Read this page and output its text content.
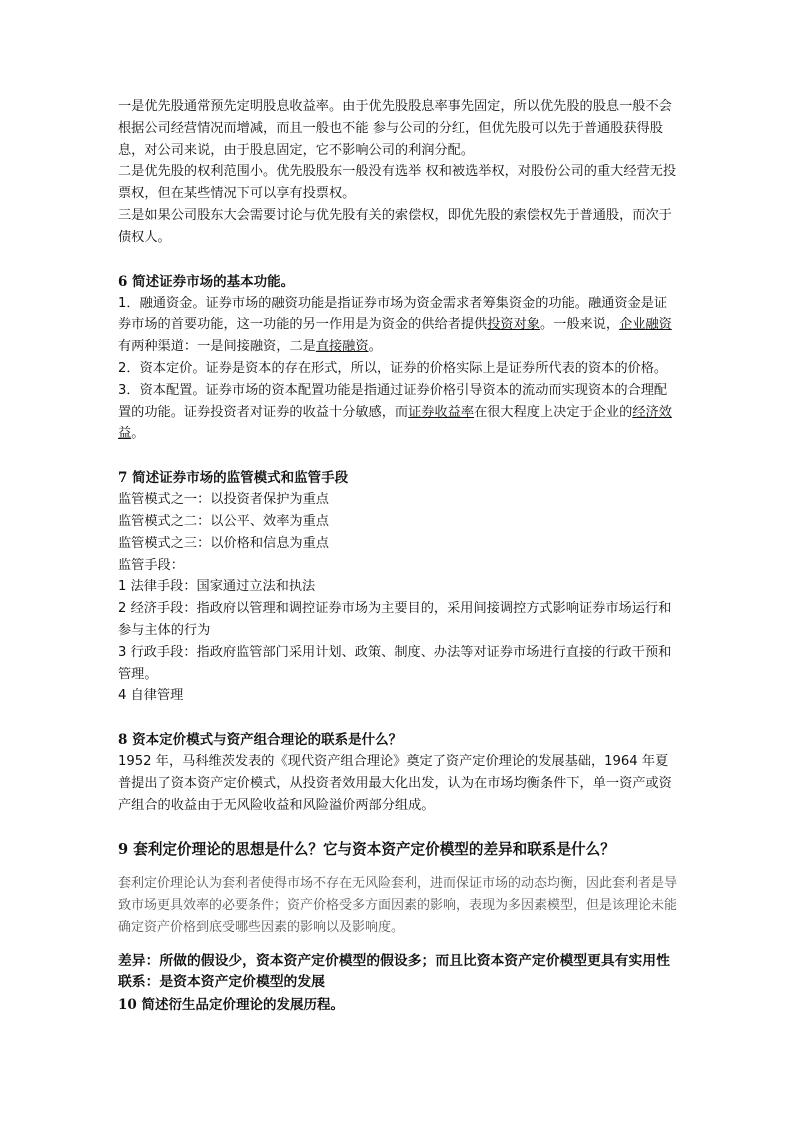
一是优先股通常预先定明股息收益率。由于优先股股息率事先固定，所以优先股的股息一般不会根据公司经营情况而增减，而且一般也不能 参与公司的分红，但优先股可以先于普通股获得股息，对公司来说，由于股息固定，它不影响公司的利润分配。

二是优先股的权利范围小。优先股股东一般没有选举 权和被选举权，对股份公司的重大经营无投票权，但在某些情况下可以享有投票权。

三是如果公司股东大会需要讨论与优先股有关的索偿权，即优先股的索偿权先于普通股，而次于债权人。

6 简述证券市场的基本功能。

1．融通资金。证券市场的融资功能是指证券市场为资金需求者筹集资金的功能。融通资金是证券市场的首要功能，这一功能的另一作用是为资金的供给者提供投资对象。一般来说，企业融资有两种渠道：一是间接融资，二是直接融资。

2．资本定价。证券是资本的存在形式，所以，证券的价格实际上是证券所代表的资本的价格。

3．资本配置。证券市场的资本配置功能是指通过证券价格引导资本的流动而实现资本的合理配置的功能。证券投资者对证券的收益十分敏感，而证券收益率在很大程度上决定于企业的经济效益。

7 简述证券市场的监管模式和监管手段

监管模式之一：以投资者保护为重点

监管模式之二：以公平、效率为重点

监管模式之三：以价格和信息为重点

监管手段：

1 法律手段：国家通过立法和执法

2 经济手段：指政府以管理和调控证券市场为主要目的，采用间接调控方式影响证券市场运行和参与主体的行为

3 行政手段：指政府监管部门采用计划、政策、制度、办法等对证券市场进行直接的行政干预和管理。

4 自律管理

8 资本定价模式与资产组合理论的联系是什么？

1952 年，马科维茨发表的《现代资产组合理论》奠定了资产定价理论的发展基础，1964 年夏普提出了资本资产定价模式，从投资者效用最大化出发，认为在市场均衡条件下，单一资产或资产组合的收益由于无风险收益和风险溢价两部分组成。

9 套利定价理论的思想是什么？它与资本资产定价模型的差异和联系是什么？

套利定价理论认为套利者使得市场不存在无风险套利，进而保证市场的动态均衡，因此套利者是导致市场更具效率的必要条件；资产价格受多方面因素的影响，表现为多因素模型，但是该理论未能确定资产价格到底受哪些因素的影响以及影响度。

差异：所做的假设少，资本资产定价模型的假设多；而且比资本资产定价模型更具有实用性

联系：是资本资产定价模型的发展

10 简述衍生品定价理论的发展历程。
